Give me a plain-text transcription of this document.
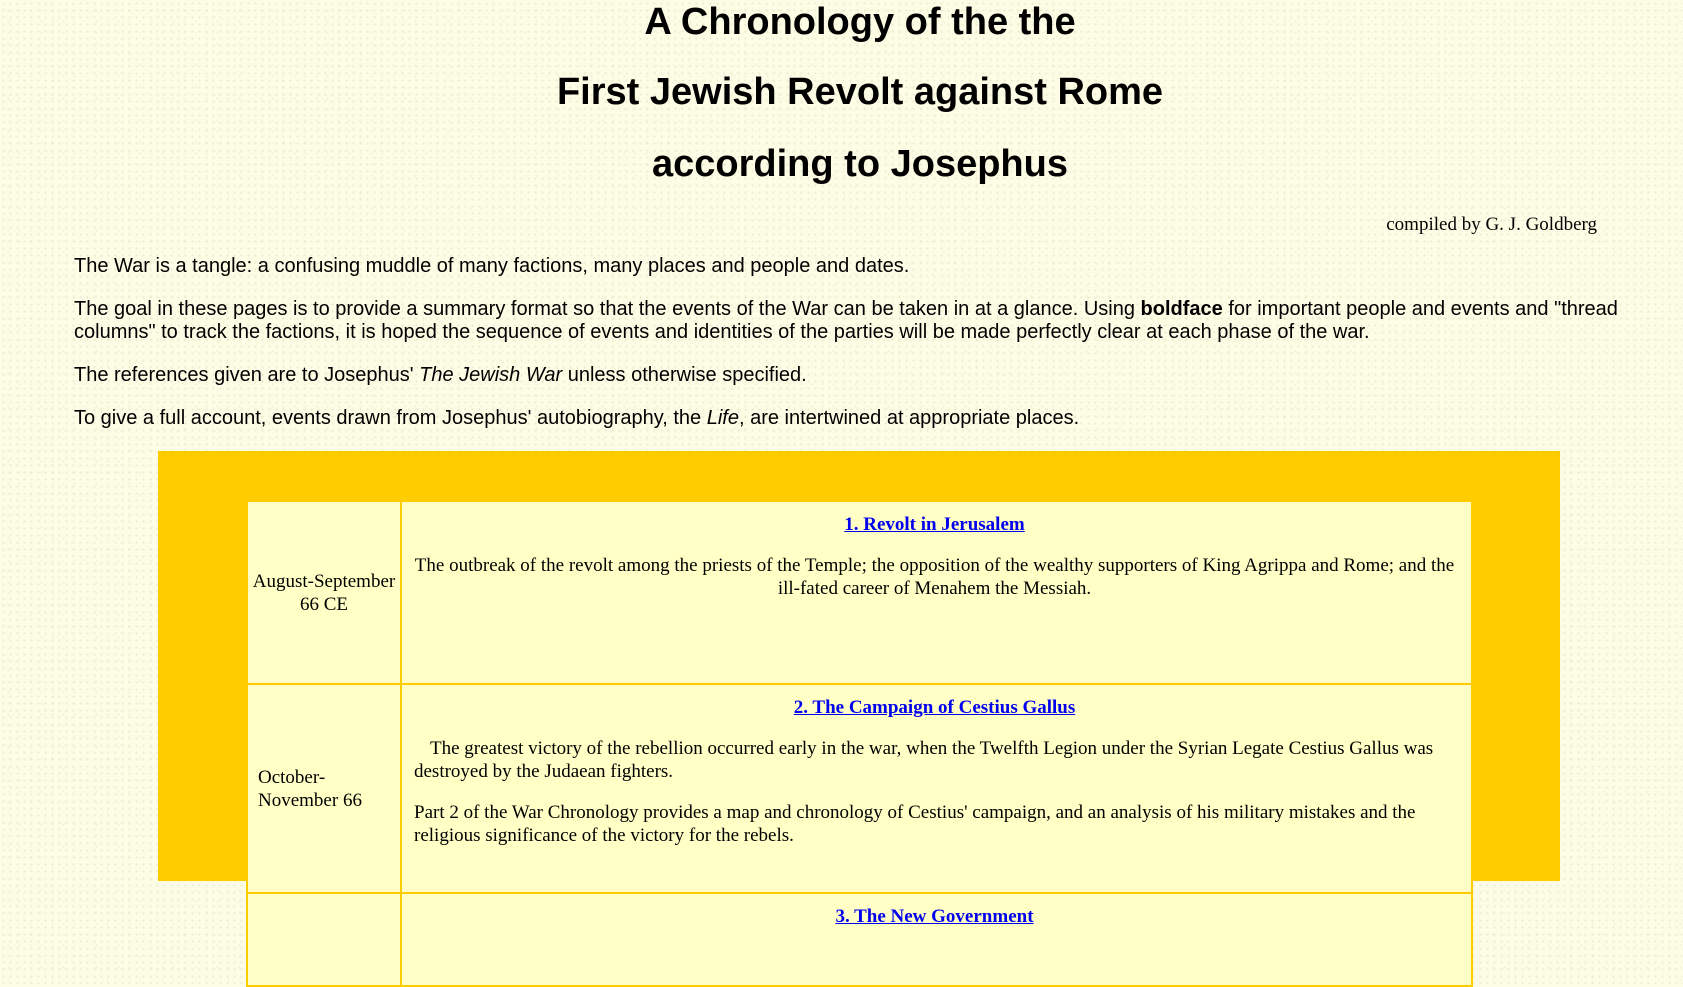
A Chronology of the the
First Jewish Revolt against Rome
according to Josephus
compiled by G. J. Goldberg

The War is a tangle: a confusing muddle of many factions, many places and people and dates.

The goal in these pages is to provide a summary format so that the events of the War can be taken in at a glance. Using boldface for important people and events and "thread columns" to track the factions, it is hoped the sequence of events and identities of the parties will be made perfectly clear at each phase of the war.

The references given are to Josephus' The Jewish War unless otherwise specified.

To give a full account, events drawn from Josephus' autobiography, the Life, are intertwined at appropriate places.

August-September 66 CE	1. Revolt in Jerusalem

The outbreak of the revolt among the priests of the Temple; the opposition of the wealthy supporters of King Agrippa and Rome; and the ill-fated career of Menahem the Messiah.

October-November 66	2. The Campaign of Cestius Gallus

The greatest victory of the rebellion occurred early in the war, when the Twelfth Legion under the Syrian Legate Cestius Gallus was destroyed by the Judaean fighters.

Part 2 of the War Chronology provides a map and chronology of Cestius' campaign, and an analysis of his military mistakes and the religious significance of the victory for the rebels.

	3. The New Government
